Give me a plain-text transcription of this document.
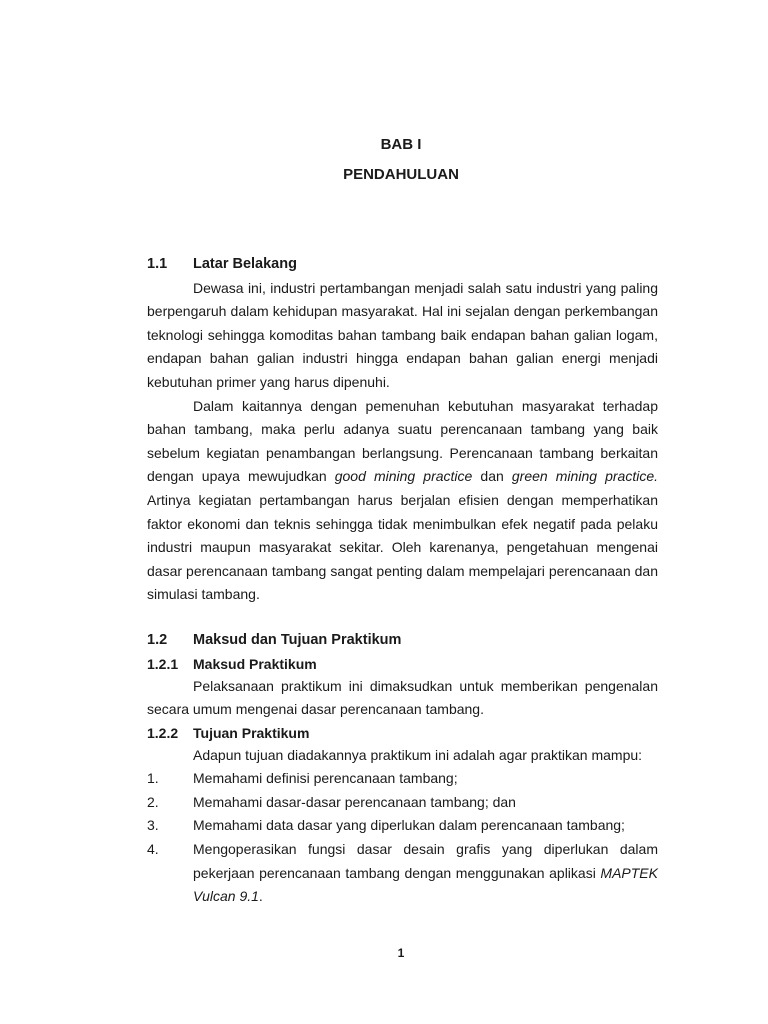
BAB I
PENDAHULUAN
1.1	Latar Belakang

Dewasa ini, industri pertambangan menjadi salah satu industri yang paling berpengaruh dalam kehidupan masyarakat. Hal ini sejalan dengan perkembangan teknologi sehingga komoditas bahan tambang baik endapan bahan galian logam, endapan bahan galian industri hingga endapan bahan galian energi menjadi kebutuhan primer yang harus dipenuhi.

Dalam kaitannya dengan pemenuhan kebutuhan masyarakat terhadap bahan tambang, maka perlu adanya suatu perencanaan tambang yang baik sebelum kegiatan penambangan berlangsung. Perencanaan tambang berkaitan dengan upaya mewujudkan good mining practice dan green mining practice. Artinya kegiatan pertambangan harus berjalan efisien dengan memperhatikan faktor ekonomi dan teknis sehingga tidak menimbulkan efek negatif pada pelaku industri maupun masyarakat sekitar. Oleh karenanya, pengetahuan mengenai dasar perencanaan tambang sangat penting dalam mempelajari perencanaan dan simulasi tambang.

1.2	Maksud dan Tujuan Praktikum
1.2.1	Maksud Praktikum

Pelaksanaan praktikum ini dimaksudkan untuk memberikan pengenalan secara umum mengenai dasar perencanaan tambang.

1.2.2	Tujuan Praktikum

Adapun tujuan diadakannya praktikum ini adalah agar praktikan mampu:

1.	Memahami definisi perencanaan tambang;
2.	Memahami dasar-dasar perencanaan tambang; dan
3.	Memahami data dasar yang diperlukan dalam perencanaan tambang;
4.	Mengoperasikan fungsi dasar desain grafis yang diperlukan dalam pekerjaan perencanaan tambang dengan menggunakan aplikasi MAPTEK Vulcan 9.1.
1
